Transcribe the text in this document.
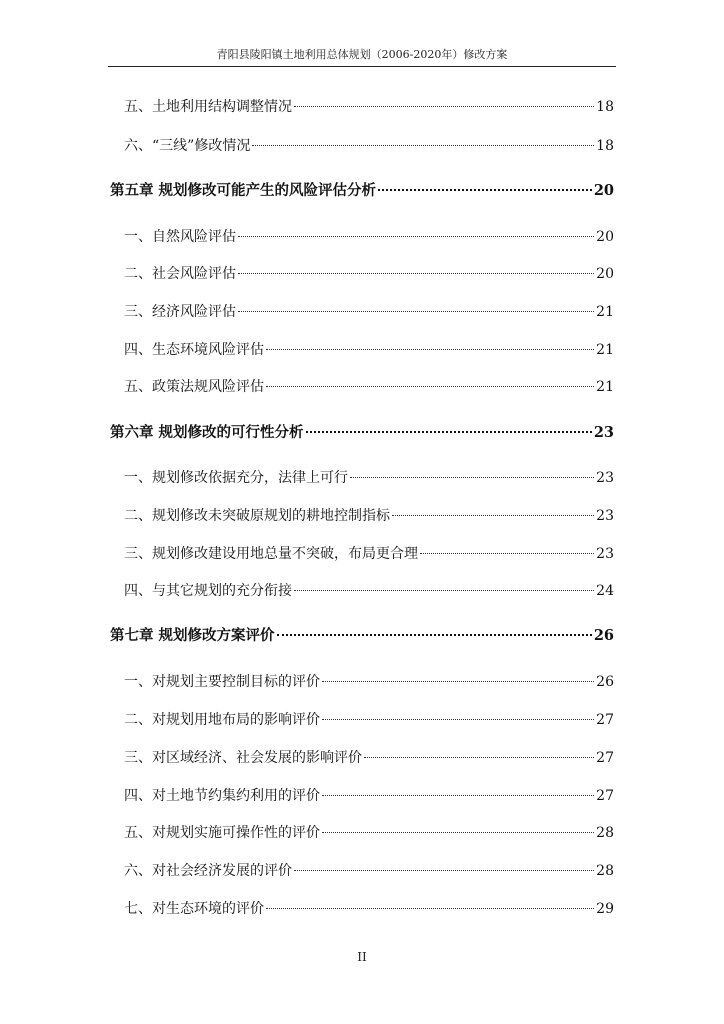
青阳县陵阳镇土地利用总体规划（2006-2020年）修改方案
五、土地利用结构调整情况	18
六、“三线”修改情况	18
第五章 规划修改可能产生的风险评估分析	20
一、自然风险评估	20
二、社会风险评估	20
三、经济风险评估	21
四、生态环境风险评估	21
五、政策法规风险评估	21
第六章 规划修改的可行性分析	23
一、规划修改依据充分，法律上可行	23
二、规划修改未突破原规划的耕地控制指标	23
三、规划修改建设用地总量不突破，布局更合理	23
四、与其它规划的充分衔接	24
第七章 规划修改方案评价	26
一、对规划主要控制目标的评价	26
二、对规划用地布局的影响评价	27
三、对区域经济、社会发展的影响评价	27
四、对土地节约集约利用的评价	27
五、对规划实施可操作性的评价	28
六、对社会经济发展的评价	28
七、对生态环境的评价	29
II
